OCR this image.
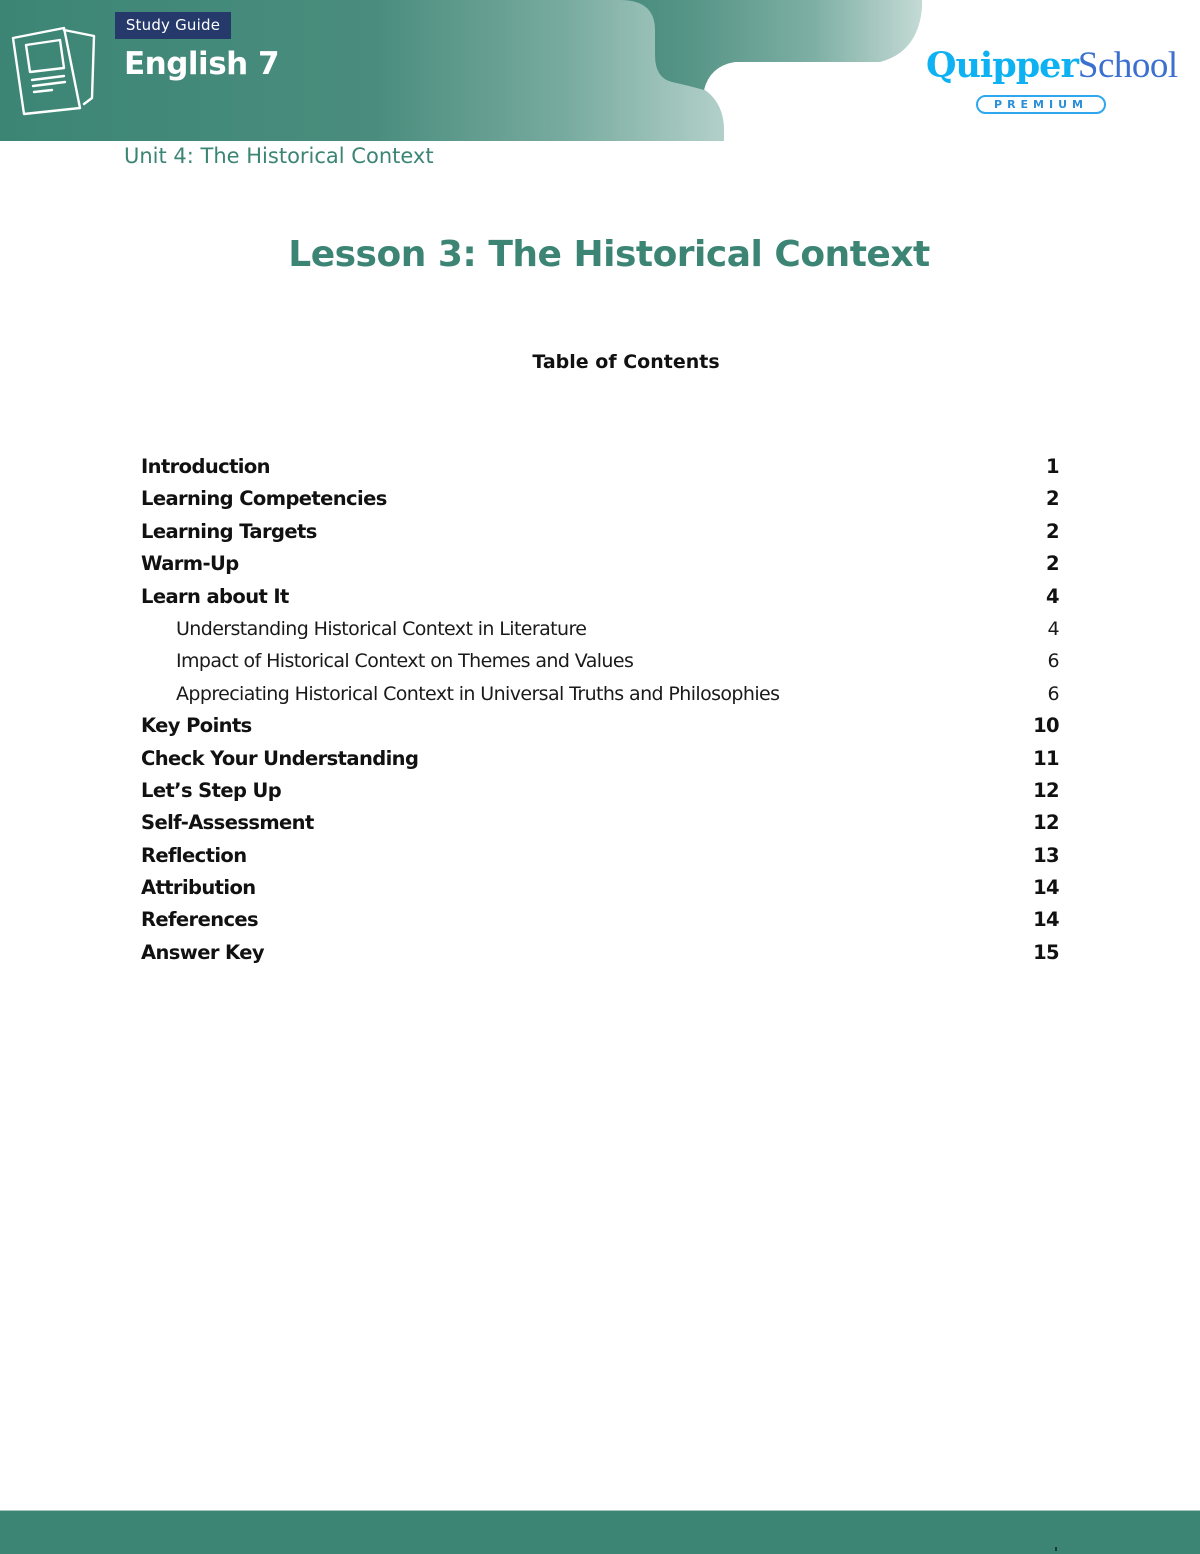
Study Guide
English 7	QuipperSchool
PREMIUM
Unit 4: The Historical Context
Lesson 3: The Historical Context
Table of Contents
Introduction	1
Learning Competencies	2
Learning Targets	2
Warm-Up	2
Learn about It	4
Understanding Historical Context in Literature	4
Impact of Historical Context on Themes and Values	6
Appreciating Historical Context in Universal Truths and Philosophies	6
Key Points	10
Check Your Understanding	11
Let’s Step Up	12
Self-Assessment	12
Reflection	13
Attribution	14
References	14
Answer Key	15
